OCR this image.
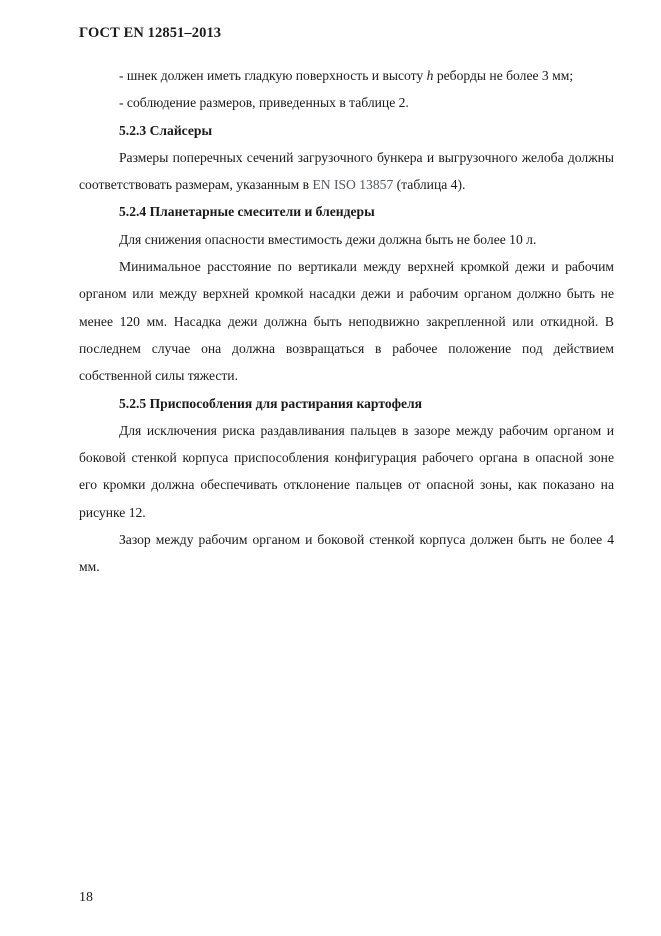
ГОСТ EN 12851–2013

- шнек должен иметь гладкую поверхность и высоту h реборды не более 3 мм;

- соблюдение размеров, приведенных в таблице 2.

5.2.3 Слайсеры

Размеры поперечных сечений загрузочного бункера и выгрузочного желоба должны соответствовать размерам, указанным в EN ISO 13857 (таблица 4).

5.2.4 Планетарные смесители и блендеры

Для снижения опасности вместимость дежи должна быть не более 10 л.

Минимальное расстояние по вертикали между верхней кромкой дежи и рабочим органом или между верхней кромкой насадки дежи и рабочим органом должно быть не менее 120 мм. Насадка дежи должна быть неподвижно закрепленной или откидной. В последнем случае она должна возвращаться в рабочее положение под действием собственной силы тяжести.

5.2.5 Приспособления для растирания картофеля

Для исключения риска раздавливания пальцев в зазоре между рабочим органом и боковой стенкой корпуса приспособления конфигурация рабочего органа в опасной зоне его кромки должна обеспечивать отклонение пальцев от опасной зоны, как показано на рисунке 12.

Зазор между рабочим органом и боковой стенкой корпуса должен быть не более 4 мм.

18
